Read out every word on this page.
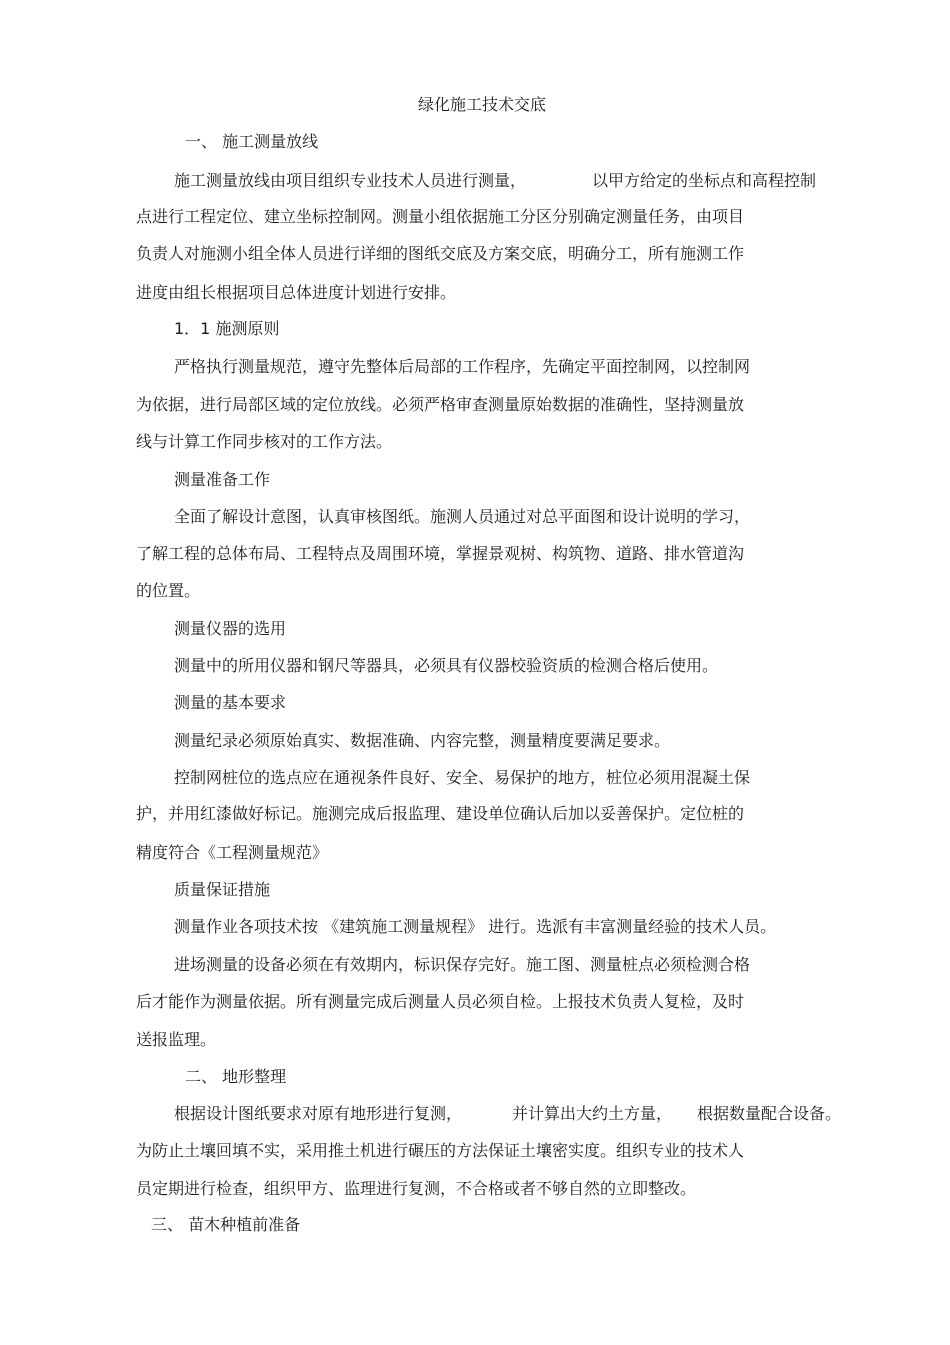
绿化施工技术交底
一、 施工测量放线
施工测量放线由项目组织专业技术人员进行测量，	以甲方给定的坐标点和高程控制
点进行工程定位、建立坐标控制网。测量小组依据施工分区分别确定测量任务，由项目
负责人对施测小组全体人员进行详细的图纸交底及方案交底，明确分工，所有施测工作
进度由组长根据项目总体进度计划进行安排。
1．1 施测原则
严格执行测量规范，遵守先整体后局部的工作程序，先确定平面控制网，以控制网
为依据，进行局部区域的定位放线。必须严格审查测量原始数据的准确性，坚持测量放
线与计算工作同步核对的工作方法。
测量准备工作
全面了解设计意图，认真审核图纸。施测人员通过对总平面图和设计说明的学习，
了解工程的总体布局、工程特点及周围环境，掌握景观树、构筑物、道路、排水管道沟
的位置。
测量仪器的选用
测量中的所用仪器和钢尺等器具，必须具有仪器校验资质的检测合格后使用。
测量的基本要求
测量纪录必须原始真实、数据准确、内容完整，测量精度要满足要求。
控制网桩位的选点应在通视条件良好、安全、易保护的地方，桩位必须用混凝土保
护，并用红漆做好标记。施测完成后报监理、建设单位确认后加以妥善保护。定位桩的
精度符合《工程测量规范》
质量保证措施
测量作业各项技术按 《建筑施工测量规程》 进行。选派有丰富测量经验的技术人员。
进场测量的设备必须在有效期内，标识保存完好。施工图、测量桩点必须检测合格
后才能作为测量依据。所有测量完成后测量人员必须自检。上报技术负责人复检，及时
送报监理。
二、 地形整理
根据设计图纸要求对原有地形进行复测，	并计算出大约土方量， 根据数量配合设备。
为防止土壤回填不实，采用推土机进行碾压的方法保证土壤密实度。组织专业的技术人
员定期进行检查，组织甲方、监理进行复测，不合格或者不够自然的立即整改。
三、 苗木种植前准备
